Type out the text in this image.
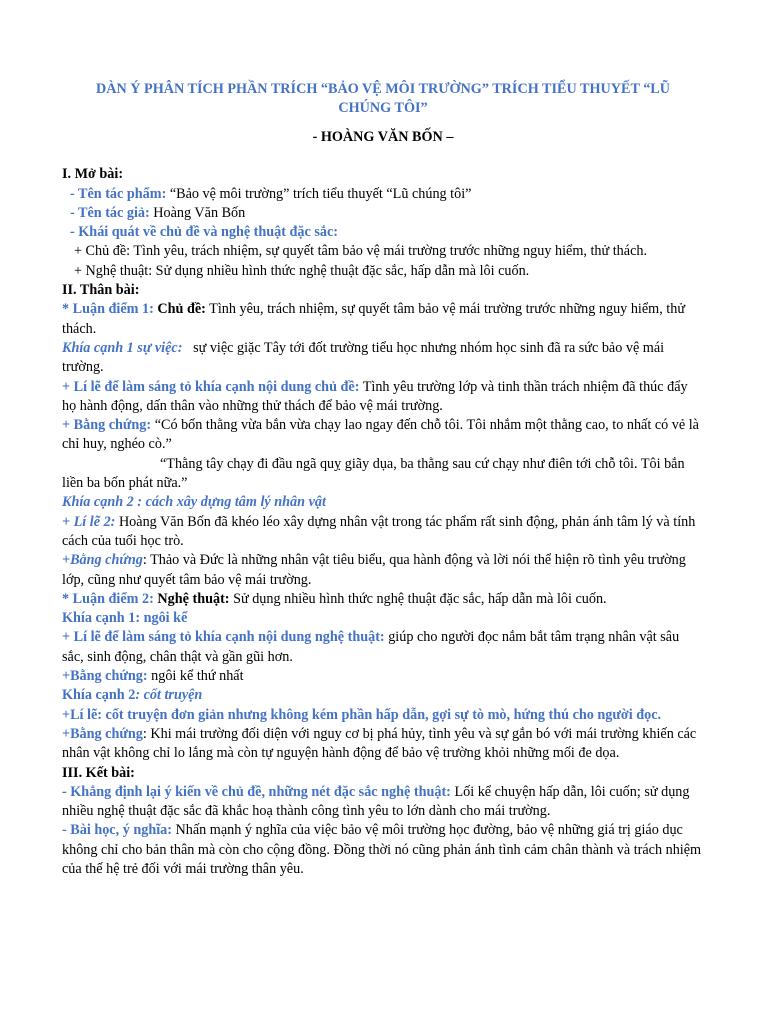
DÀN Ý PHÂN TÍCH PHẦN TRÍCH “BẢO VỆ MÔI TRƯỜNG” TRÍCH TIỂU THUYẾT “LŨ CHÚNG TÔI”
- HOÀNG VĂN BỐN –

I. Mở bài:

- Tên tác phẩm: “Bảo vệ môi trường” trích tiểu thuyết “Lũ chúng tôi”

- Tên tác giả: Hoàng Văn Bốn

- Khái quát về chủ đề và nghệ thuật đặc sắc:

+ Chủ đề: Tình yêu, trách nhiệm, sự quyết tâm bảo vệ mái trường trước những nguy hiểm, thử thách.

+ Nghệ thuật: Sử dụng nhiều hình thức nghệ thuật đặc sắc, hấp dẫn mà lôi cuốn.

II. Thân bài:

* Luận điểm 1: Chủ đề: Tình yêu, trách nhiệm, sự quyết tâm bảo vệ mái trường trước những nguy hiểm, thử thách.

Khía cạnh 1 sự việc:   sự việc giặc Tây tới đốt trường tiểu học nhưng nhóm học sinh đã ra sức bảo vệ mái trường.

+ Lí lẽ để làm sáng tỏ khía cạnh nội dung chủ đề: Tình yêu trường lớp và tinh thần trách nhiệm đã thúc đẩy họ hành động, dấn thân vào những thử thách để bảo vệ mái trường.

+ Bằng chứng: “Có bốn thằng vừa bắn vừa chạy lao ngay đến chỗ tôi. Tôi nhắm một thằng cao, to nhất có vẻ là chỉ huy, nghéo cò.”

“Thằng tây chạy đi đầu ngã quỵ giãy dụa, ba thằng sau cứ chạy như điên tới chỗ tôi. Tôi bắn liền ba bốn phát nữa.”

Khía cạnh 2 : cách xây dựng tâm lý nhân vật

+ Lí lẽ 2: Hoàng Văn Bốn đã khéo léo xây dựng nhân vật trong tác phẩm rất sinh động, phản ánh tâm lý và tính cách của tuổi học trò.

+Bằng chứng: Thảo và Đức là những nhân vật tiêu biểu, qua hành động và lời nói thể hiện rõ tình yêu trường lớp, cũng như quyết tâm bảo vệ mái trường.

* Luận điểm 2: Nghệ thuật: Sử dụng nhiều hình thức nghệ thuật đặc sắc, hấp dẫn mà lôi cuốn.

Khía cạnh 1: ngôi kể

+ Lí lẽ để làm sáng tỏ khía cạnh nội dung nghệ thuật: giúp cho người đọc nắm bắt tâm trạng nhân vật sâu sắc, sinh động, chân thật và gần gũi hơn.

+Bằng chứng: ngôi kể thứ nhất

Khía cạnh 2: cốt truyện

+Lí lẽ: cốt truyện đơn giản nhưng không kém phần hấp dẫn, gợi sự tò mò, hứng thú cho người đọc.

+Bằng chứng: Khi mái trường đối diện với nguy cơ bị phá hủy, tình yêu và sự gắn bó với mái trường khiến các nhân vật không chỉ lo lắng mà còn tự nguyện hành động để bảo vệ trường khỏi những mối đe dọa.

III. Kết bài:

- Khẳng định lại ý kiến về chủ đề, những nét đặc sắc nghệ thuật: Lối kể chuyện hấp dẫn, lôi cuốn; sử dụng nhiều nghệ thuật đặc sắc đã khắc hoạ thành công tình yêu to lớn dành cho mái trường.

- Bài học, ý nghĩa: Nhấn mạnh ý nghĩa của việc bảo vệ môi trường học đường, bảo vệ những giá trị giáo dục không chỉ cho bản thân mà còn cho cộng đồng. Đồng thời nó cũng phản ánh tình cảm chân thành và trách nhiệm của thế hệ trẻ đối với mái trường thân yêu.
